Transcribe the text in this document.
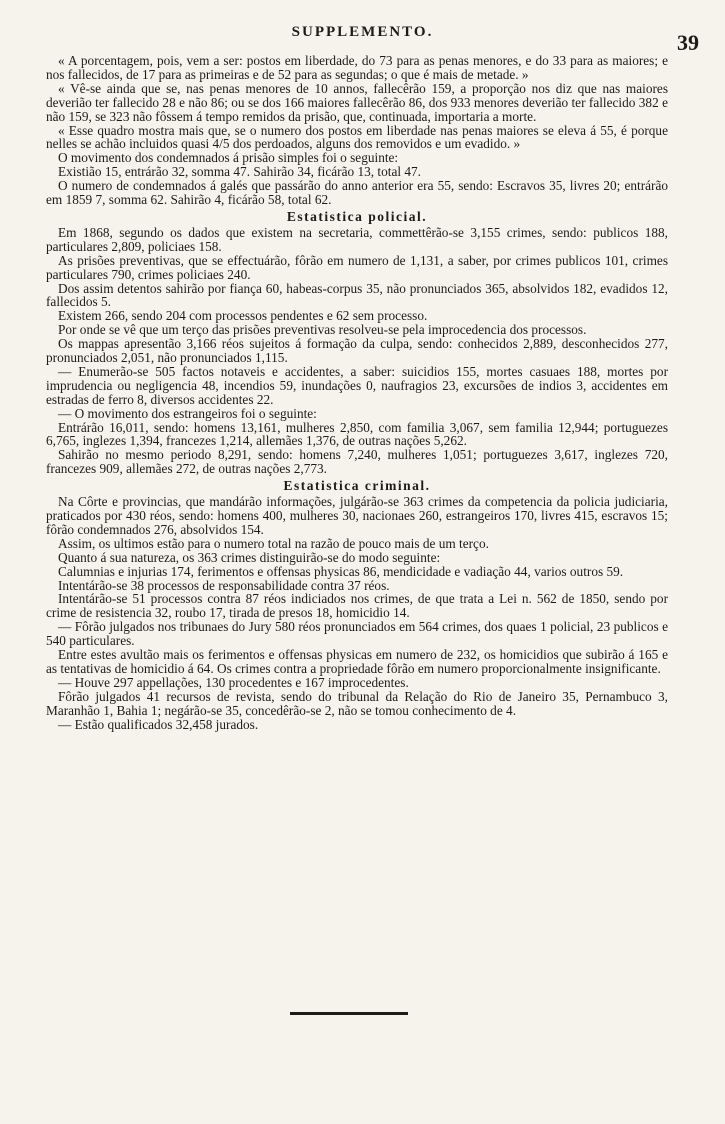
SUPPLEMENTO.	39

« A porcentagem, pois, vem a ser: postos em liberdade, do 73 para as penas menores, e do 33 para as maiores; e nos fallecidos, de 17 para as primeiras e de 52 para as segundas; o que é mais de metade. »

« Vê-se ainda que se, nas penas menores de 10 annos, fallecêrão 159, a proporção nos diz que nas maiores deverião ter fallecido 28 e não 86; ou se dos 166 maiores fallecêrão 86, dos 933 menores deverião ter fallecido 382 e não 159, se 323 não fôssem á tempo remidos da prisão, que, continuada, importaria a morte.

« Esse quadro mostra mais que, se o numero dos postos em liberdade nas penas maiores se eleva á 55, é porque nelles se achão incluidos quasi 4/5 dos perdoados, alguns dos removidos e um evadido. »

O movimento dos condemnados á prisão simples foi o seguinte:

Existião 15, entrárão 32, somma 47. Sahirão 34, ficárão 13, total 47.

O numero de condemnados á galés que passárão do anno anterior era 55, sendo: Escravos 35, livres 20; entrárão em 1859 7, somma 62. Sahirão 4, ficárão 58, total 62.

Estatistica policial.

Em 1868, segundo os dados que existem na secretaria, commettêrão-se 3,155 crimes, sendo: publicos 188, particulares 2,809, policiaes 158.

As prisões preventivas, que se effectuárão, fôrão em numero de 1,131, a saber, por crimes publicos 101, crimes particulares 790, crimes policiaes 240.

Dos assim detentos sahirão por fiança 60, habeas-corpus 35, não pronunciados 365, absolvidos 182, evadidos 12, fallecidos 5.

Existem 266, sendo 204 com processos pendentes e 62 sem processo.

Por onde se vê que um terço das prisões preventivas resolveu-se pela improcedencia dos processos.

Os mappas apresentão 3,166 réos sujeitos á formação da culpa, sendo: conhecidos 2,889, desconhecidos 277, pronunciados 2,051, não pronunciados 1,115.

— Enumerão-se 505 factos notaveis e accidentes, a saber: suicidios 155, mortes casuaes 188, mortes por imprudencia ou negligencia 48, incendios 59, inundações 0, naufragios 23, excursões de indios 3, accidentes em estradas de ferro 8, diversos accidentes 22.

— O movimento dos estrangeiros foi o seguinte:

Entrárão 16,011, sendo: homens 13,161, mulheres 2,850, com familia 3,067, sem familia 12,944; portuguezes 6,765, inglezes 1,394, francezes 1,214, allemães 1,376, de outras nações 5,262.

Sahirão no mesmo periodo 8,291, sendo: homens 7,240, mulheres 1,051; portuguezes 3,617, inglezes 720, francezes 909, allemães 272, de outras nações 2,773.

Estatistica criminal.

Na Côrte e provincias, que mandárão informações, julgárão-se 363 crimes da competencia da policia judiciaria, praticados por 430 réos, sendo: homens 400, mulheres 30, nacionaes 260, estrangeiros 170, livres 415, escravos 15; fôrão condemnados 276, absolvidos 154.

Assim, os ultimos estão para o numero total na razão de pouco mais de um terço.

Quanto á sua natureza, os 363 crimes distinguirão-se do modo seguinte:

Calumnias e injurias 174, ferimentos e offensas physicas 86, mendicidade e vadiação 44, varios outros 59.

Intentárão-se 38 processos de responsabilidade contra 37 réos.

Intentárão-se 51 processos contra 87 réos indiciados nos crimes, de que trata a Lei n. 562 de 1850, sendo por crime de resistencia 32, roubo 17, tirada de presos 18, homicidio 14.

— Fôrão julgados nos tribunaes do Jury 580 réos pronunciados em 564 crimes, dos quaes 1 policial, 23 publicos e 540 particulares.

Entre estes avultão mais os ferimentos e offensas physicas em numero de 232, os homicidios que subirão á 165 e as tentativas de homicidio á 64. Os crimes contra a propriedade fôrão em numero proporcionalmente insignificante.

— Houve 297 appellações, 130 procedentes e 167 improcedentes.

Fôrão julgados 41 recursos de revista, sendo do tribunal da Relação do Rio de Janeiro 35, Pernambuco 3, Maranhão 1, Bahia 1; negárão-se 35, concedêrão-se 2, não se tomou conhecimento de 4.

— Estão qualificados 32,458 jurados.
